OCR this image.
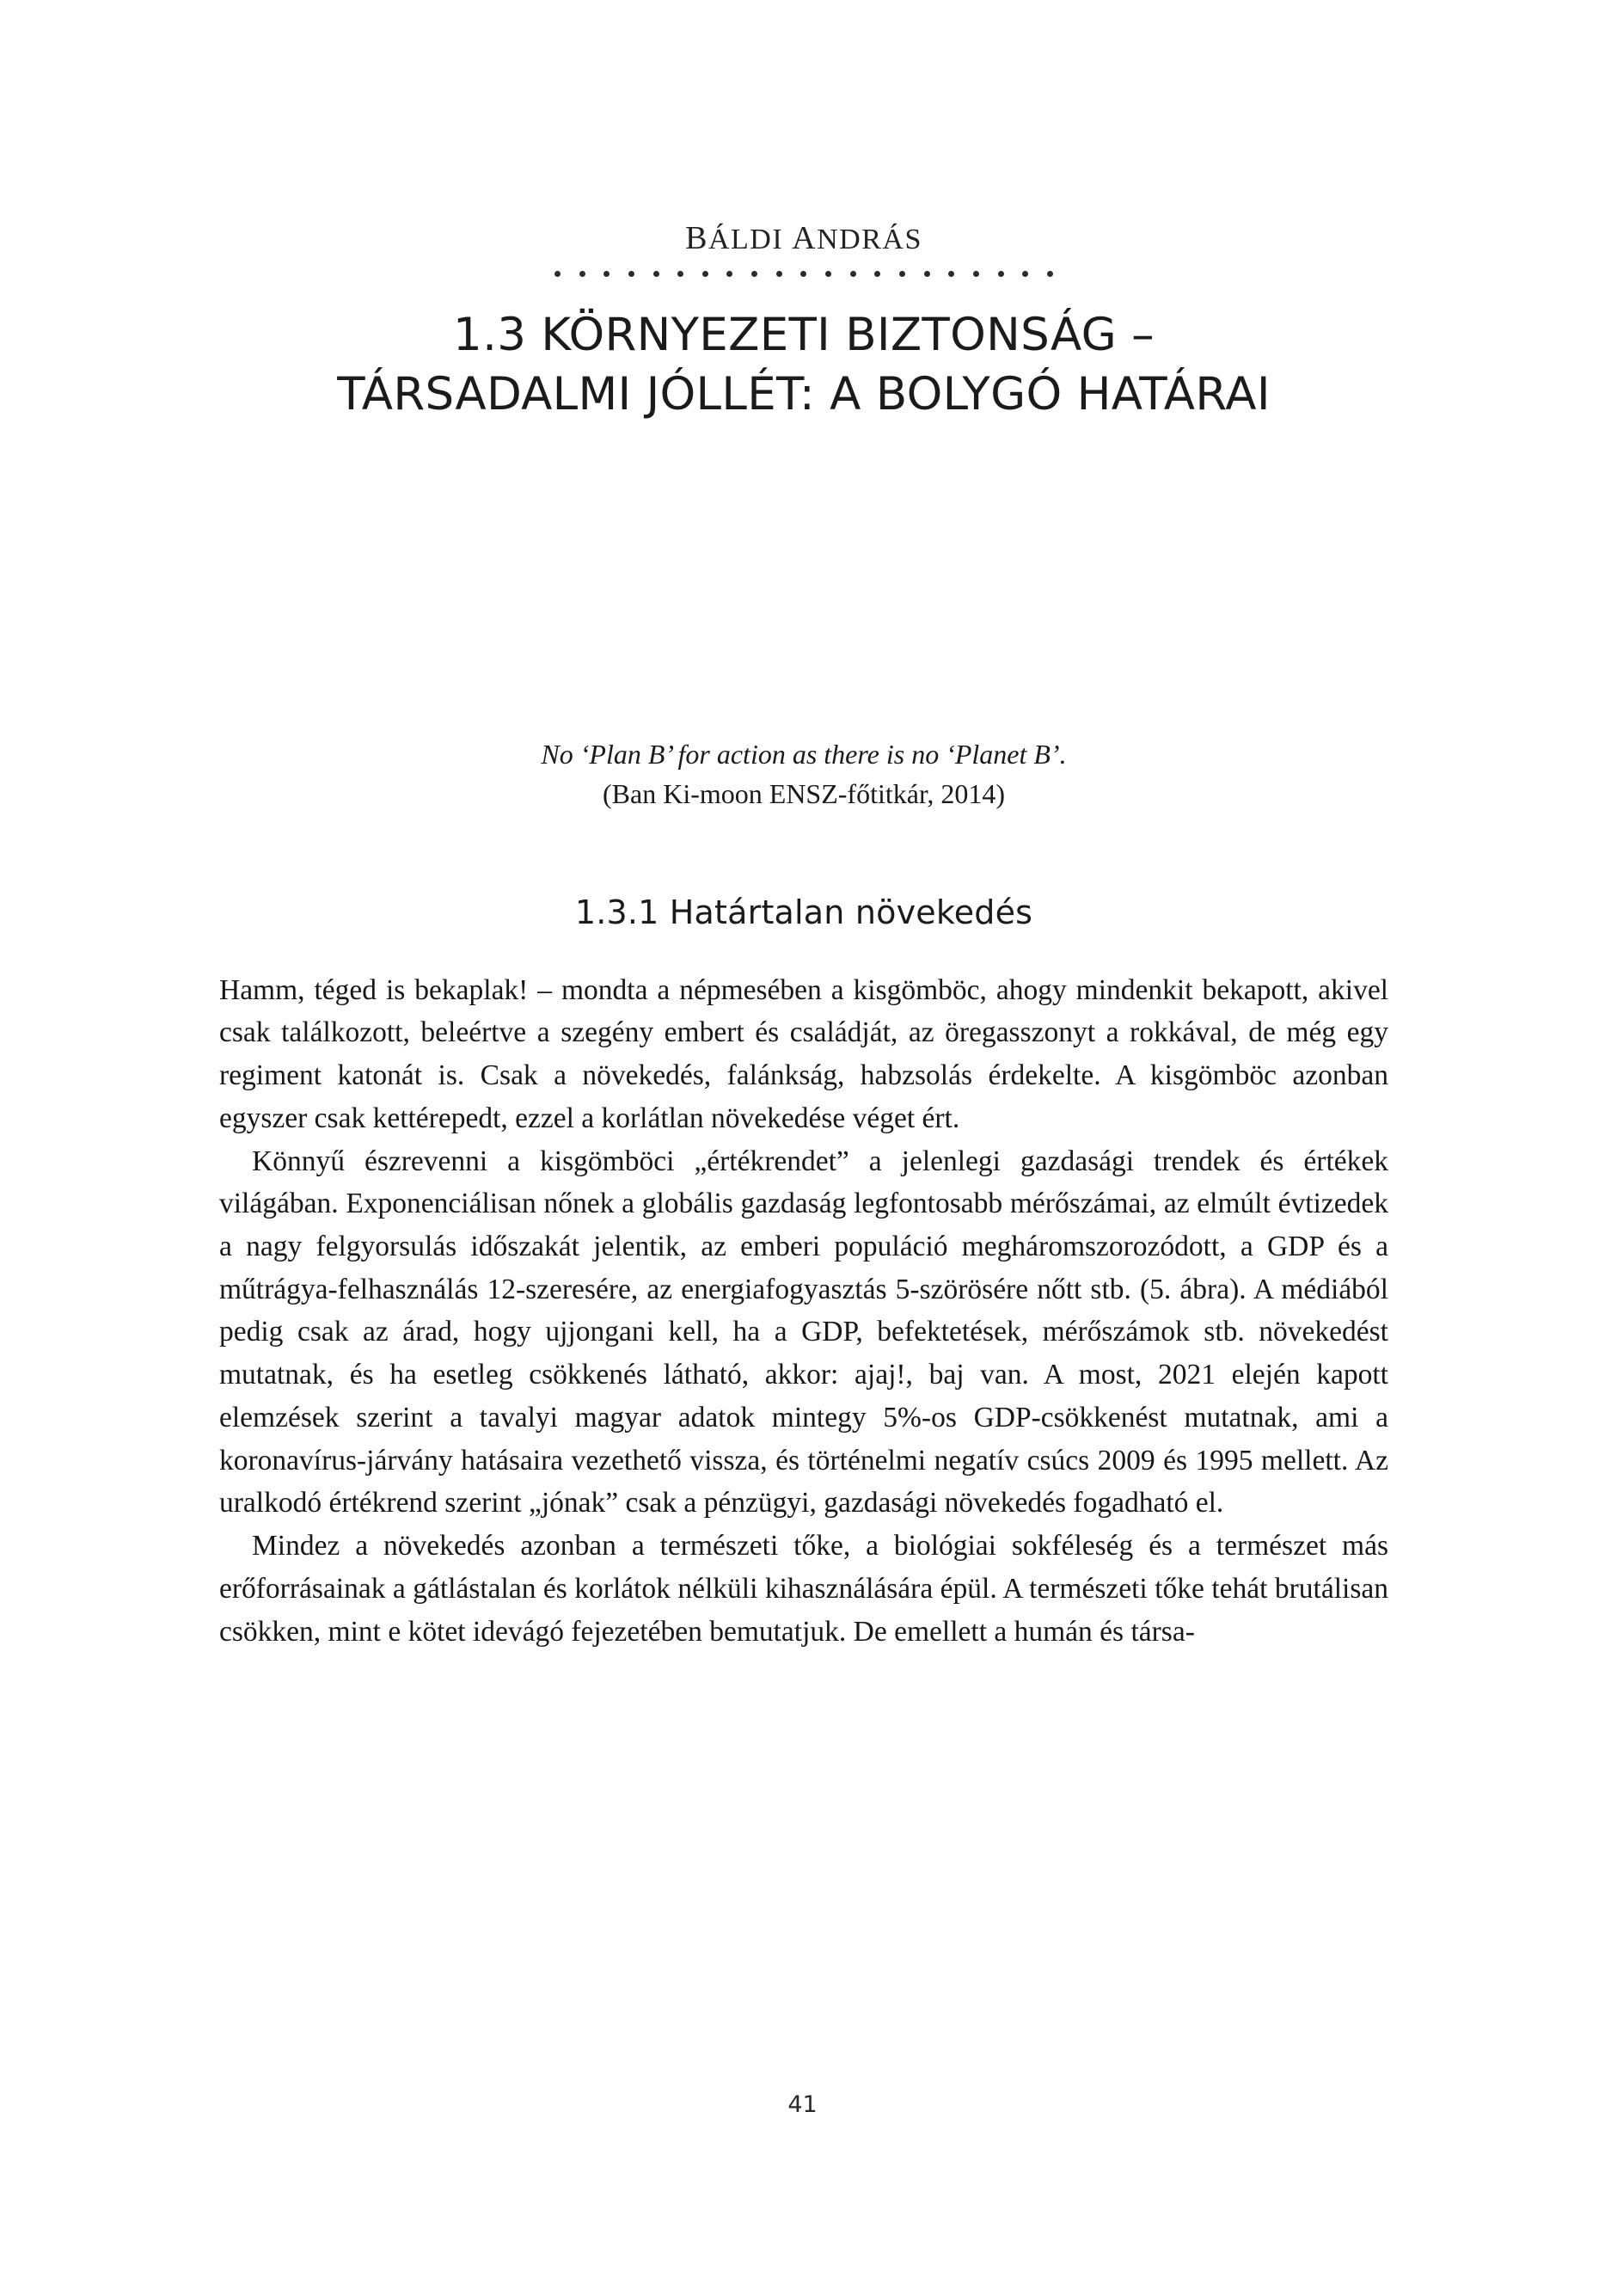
BÁLDI ANDRÁS
1.3 KÖRNYEZETI BIZTONSÁG –
TÁRSADALMI JÓLLÉT: A BOLYGÓ HATÁRAI
No ‘Plan B’ for action as there is no ‘Planet B’.
(Ban Ki-moon ENSZ-főtitkár, 2014)
1.3.1 Határtalan növekedés

Hamm, téged is bekaplak! – mondta a népmesében a kisgömböc, ahogy mindenkit bekapott, akivel csak találkozott, beleértve a szegény embert és családját, az öregasszonyt a rokkával, de még egy regiment katonát is. Csak a növekedés, falánkság, habzsolás érdekelte. A kisgömböc azonban egyszer csak kettérepedt, ezzel a korlátlan növekedése véget ért.

Könnyű észrevenni a kisgömböci „értékrendet” a jelenlegi gazdasági trendek és értékek világában. Exponenciálisan nőnek a globális gazdaság legfontosabb mérőszámai, az elmúlt évtizedek a nagy felgyorsulás időszakát jelentik, az emberi populáció megháromszorozódott, a GDP és a műtrágya-felhasználás 12-szeresére, az energiafogyasztás 5-szörösére nőtt stb. (5. ábra). A médiából pedig csak az árad, hogy ujjongani kell, ha a GDP, befektetések, mérőszámok stb. növekedést mutatnak, és ha esetleg csökkenés látható, akkor: ajaj!, baj van. A most, 2021 elején kapott elemzések szerint a tavalyi magyar adatok mintegy 5%-os GDP-csökkenést mutatnak, ami a koronavírus-járvány hatásaira vezethető vissza, és történelmi negatív csúcs 2009 és 1995 mellett. Az uralkodó értékrend szerint „jónak” csak a pénzügyi, gazdasági növekedés fogadható el.

Mindez a növekedés azonban a természeti tőke, a biológiai sokféleség és a természet más erőforrásainak a gátlástalan és korlátok nélküli kihasználására épül. A természeti tőke tehát brutálisan csökken, mint e kötet idevágó fejezetében bemutatjuk. De emellett a humán és társa-

41
